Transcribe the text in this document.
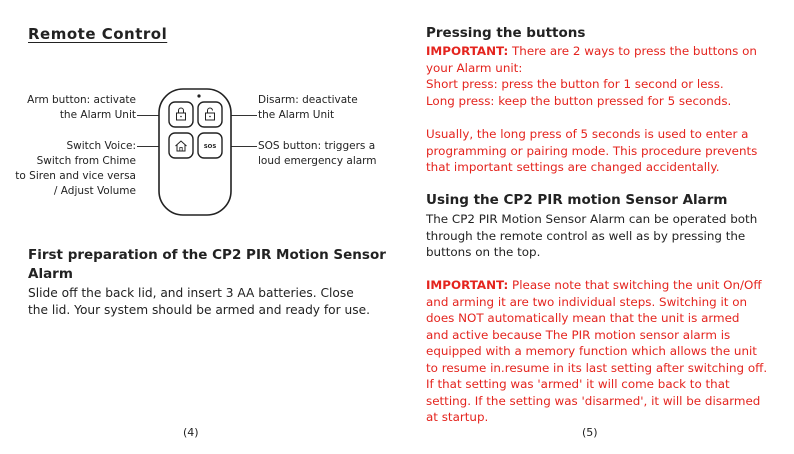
Remote Control
Arm button: activate
the Alarm Unit
Switch Voice:
Switch from Chime
to Siren and vice versa
/ Adjust Volume
Disarm: deactivate
the Alarm Unit
SOS button: triggers a
loud emergency alarm
SOS
First preparation of the CP2 PIR Motion Sensor
Alarm
Slide off the back lid, and insert 3 AA batteries. Close
the lid. Your system should be armed and ready for use.
(4)
Pressing the buttons
IMPORTANT: There are 2 ways to press the buttons on
your Alarm unit:
Short press: press the button for 1 second or less.
Long press: keep the button pressed for 5 seconds.
Usually, the long press of 5 seconds is used to enter a
programming or pairing mode. This procedure prevents
that important settings are changed accidentally.
Using the CP2 PIR motion Sensor Alarm
The CP2 PIR Motion Sensor Alarm can be operated both
through the remote control as well as by pressing the
buttons on the top.
IMPORTANT: Please note that switching the unit On/Off
and arming it are two individual steps. Switching it on
does NOT automatically mean that the unit is armed
and active because The PIR motion sensor alarm is
equipped with a memory function which allows the unit
to resume in.resume in its last setting after switching off.
If that setting was 'armed' it will come back to that
setting. If the setting was 'disarmed', it will be disarmed
at startup.
(5)
